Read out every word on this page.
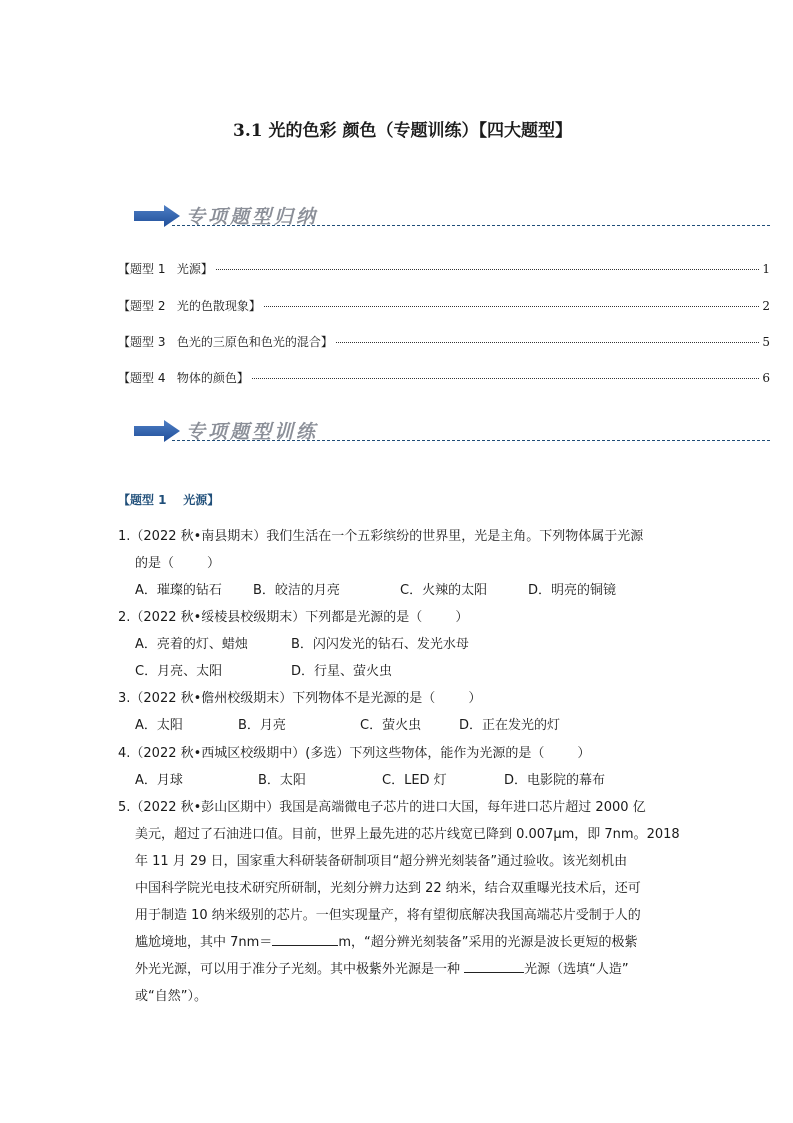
3.1 光的色彩 颜色（专题训练）【四大题型】
专项题型归纳
【题型 1   光源】	1
【题型 2   光的色散现象】	2
【题型 3   色光的三原色和色光的混合】	5
【题型 4   物体的颜色】	6
专项题型训练
【题型 1    光源】
1.（2022 秋•南县期末）我们生活在一个五彩缤纷的世界里，光是主角。下列物体属于光源
的是（        ）
A．璀璨的钻石	B．皎洁的月亮	C．火辣的太阳	D．明亮的铜镜
2.（2022 秋•绥棱县校级期末）下列都是光源的是（        ）
A．亮着的灯、蜡烛	B．闪闪发光的钻石、发光水母
C．月亮、太阳	D．行星、萤火虫
3.（2022 秋•儋州校级期末）下列物体不是光源的是（        ）
A．太阳	B．月亮	C．萤火虫	D．正在发光的灯
4.（2022 秋•西城区校级期中）(多选）下列这些物体，能作为光源的是（        ）
A．月球	B．太阳	C．LED 灯	D．电影院的幕布
5.（2022 秋•彭山区期中）我国是高端微电子芯片的进口大国，每年进口芯片超过 2000 亿
美元，超过了石油进口值。目前，世界上最先进的芯片线宽已降到 0.007μm，即 7nm。2018
年 11 月 29 日，国家重大科研装备研制项目“超分辨光刻装备”通过验收。该光刻机由
中国科学院光电技术研究所研制，光刻分辨力达到 22 纳米，结合双重曝光技术后，还可
用于制造 10 纳米级别的芯片。一但实现量产，将有望彻底解决我国高端芯片受制于人的
尴尬境地，其中 7nm＝	m，“超分辨光刻装备”采用的光源是波长更短的极紫
外光光源，可以用于准分子光刻。其中极紫外光源是一种	光源（选填“人造”
或“自然”）。
